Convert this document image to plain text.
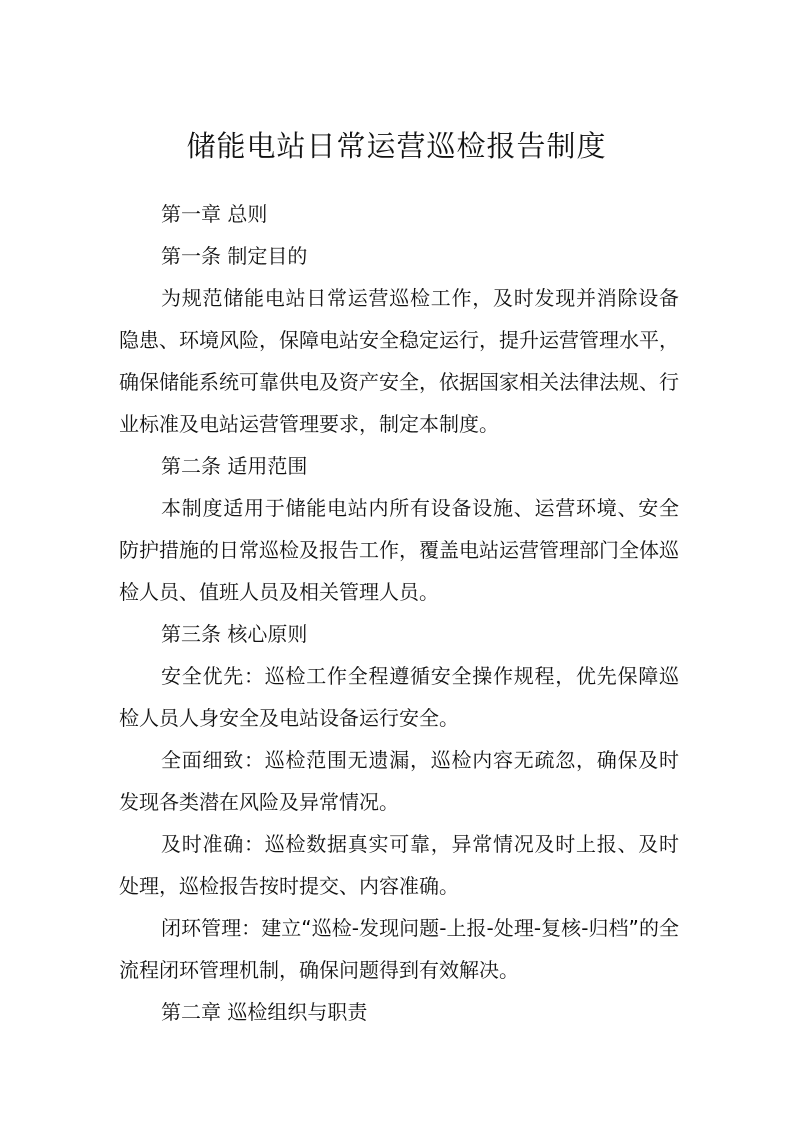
储能电站日常运营巡检报告制度

第一章 总则

第一条 制定目的

为规范储能电站日常运营巡检工作，及时发现并消除设备隐患、环境风险，保障电站安全稳定运行，提升运营管理水平，确保储能系统可靠供电及资产安全，依据国家相关法律法规、行业标准及电站运营管理要求，制定本制度。

第二条 适用范围

本制度适用于储能电站内所有设备设施、运营环境、安全防护措施的日常巡检及报告工作，覆盖电站运营管理部门全体巡检人员、值班人员及相关管理人员。

第三条 核心原则

安全优先：巡检工作全程遵循安全操作规程，优先保障巡检人员人身安全及电站设备运行安全。

全面细致：巡检范围无遗漏，巡检内容无疏忽，确保及时发现各类潜在风险及异常情况。

及时准确：巡检数据真实可靠，异常情况及时上报、及时处理，巡检报告按时提交、内容准确。

闭环管理：建立“巡检-发现问题-上报-处理-复核-归档”的全流程闭环管理机制，确保问题得到有效解决。

第二章 巡检组织与职责
